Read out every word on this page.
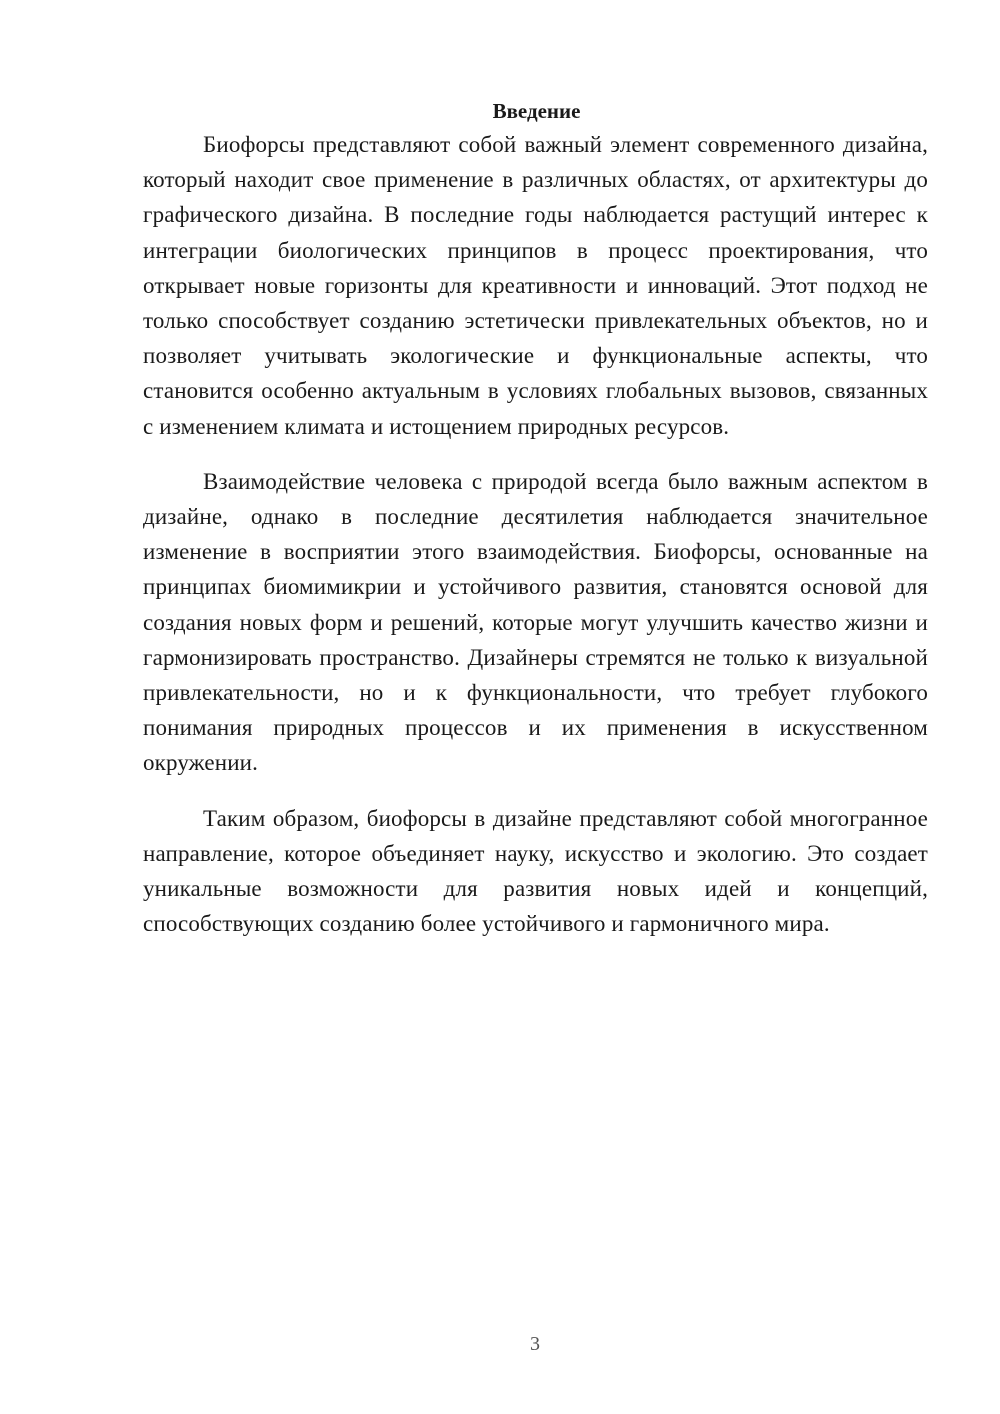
Введение

Биофорсы представляют собой важный элемент современного дизайна, который находит свое применение в различных областях, от архитектуры до графического дизайна. В последние годы наблюдается растущий интерес к интеграции биологических принципов в процесс проектирования, что открывает новые горизонты для креативности и инноваций. Этот подход не только способствует созданию эстетически привлекательных объектов, но и позволяет учитывать экологические и функциональные аспекты, что становится особенно актуальным в условиях глобальных вызовов, связанных с изменением климата и истощением природных ресурсов.

Взаимодействие человека с природой всегда было важным аспектом в дизайне, однако в последние десятилетия наблюдается значительное изменение в восприятии этого взаимодействия. Биофорсы, основанные на принципах биомимикрии и устойчивого развития, становятся основой для создания новых форм и решений, которые могут улучшить качество жизни и гармонизировать пространство. Дизайнеры стремятся не только к визуальной привлекательности, но и к функциональности, что требует глубокого понимания природных процессов и их применения в искусственном окружении.

Таким образом, биофорсы в дизайне представляют собой многогранное направление, которое объединяет науку, искусство и экологию. Это создает уникальные возможности для развития новых идей и концепций, способствующих созданию более устойчивого и гармоничного мира.

3
